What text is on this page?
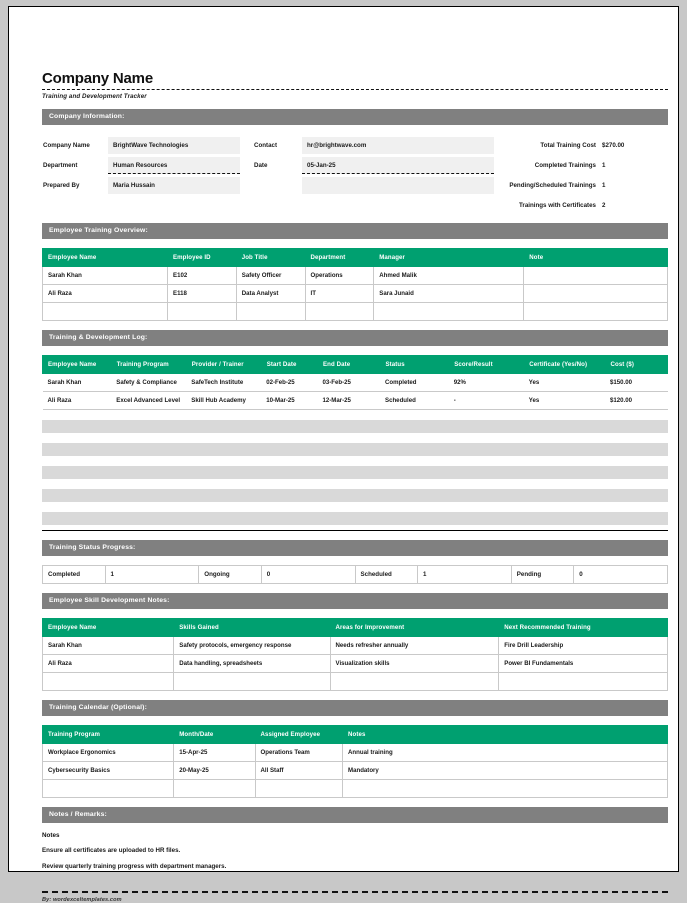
Company Name
Training and Development Tracker
Company Information:
Company Name	BrightWave Technologies	Contact	hr@brightwave.com	Total Training Cost $270.00
Department	Human Resources	Date	05-Jan-25	Completed Trainings 1
Prepared By	Maria Hussain	Pending/Scheduled Trainings 1

Trainings with Certificates 2
Employee Training Overview:
Employee Name	Employee ID	Job Title	Department	Manager	Note
Sarah Khan	E102	Safety Officer	Operations	Ahmed Malik	
Ali Raza	E118	Data Analyst	IT	Sara Junaid	

Training & Development Log:
Employee Name	Training Program	Provider / Trainer	Start Date	End Date	Status	Score/Result	Certificate (Yes/No)	Cost ($)
Sarah Khan	Safety & Compliance	SafeTech Institute	02-Feb-25	03-Feb-25	Completed	92%	Yes	$150.00
Ali Raza	Excel Advanced Level	Skill Hub Academy	10-Mar-25	12-Mar-25	Scheduled	-	Yes	$120.00
Training Status Progress:
Completed	1	Ongoing	0	Scheduled	1	Pending	0
Employee Skill Development Notes:
Employee Name	Skills Gained	Areas for Improvement	Next Recommended Training
Sarah Khan	Safety protocols, emergency response	Needs refresher annually	Fire Drill Leadership
Ali Raza	Data handling, spreadsheets	Visualization skills	Power BI Fundamentals

Training Calendar (Optional):
Training Program	Month/Date	Assigned Employee	Notes
Workplace Ergonomics	15-Apr-25	Operations Team	Annual training
Cybersecurity Basics	20-May-25	All Staff	Mandatory

Notes / Remarks:
Notes
Ensure all certificates are uploaded to HR files.
Review quarterly training progress with department managers.
By: wordexceltemplates.com
